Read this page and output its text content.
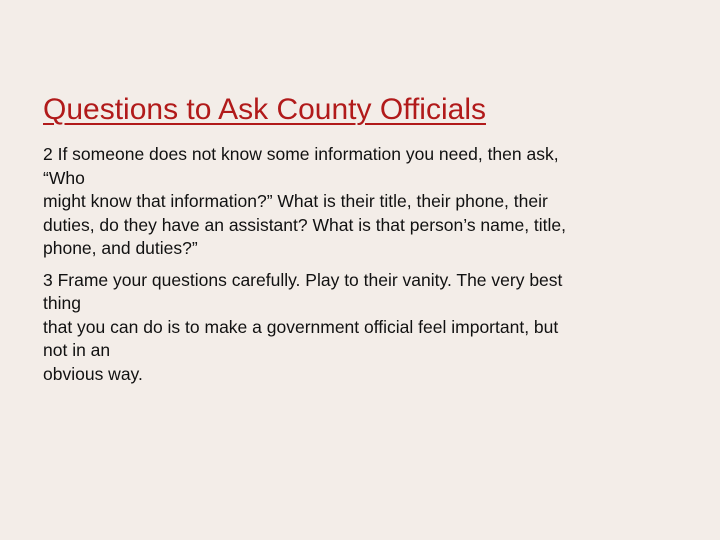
Questions to Ask County Officials

2 If someone does not know some information you need, then ask,
“Who
might know that information?” What is their title, their phone, their
duties, do they have an assistant? What is that person’s name, title,
phone, and duties?”

3 Frame your questions carefully. Play to their vanity. The very best
thing
that you can do is to make a government official feel important, but
not in an
obvious way.
